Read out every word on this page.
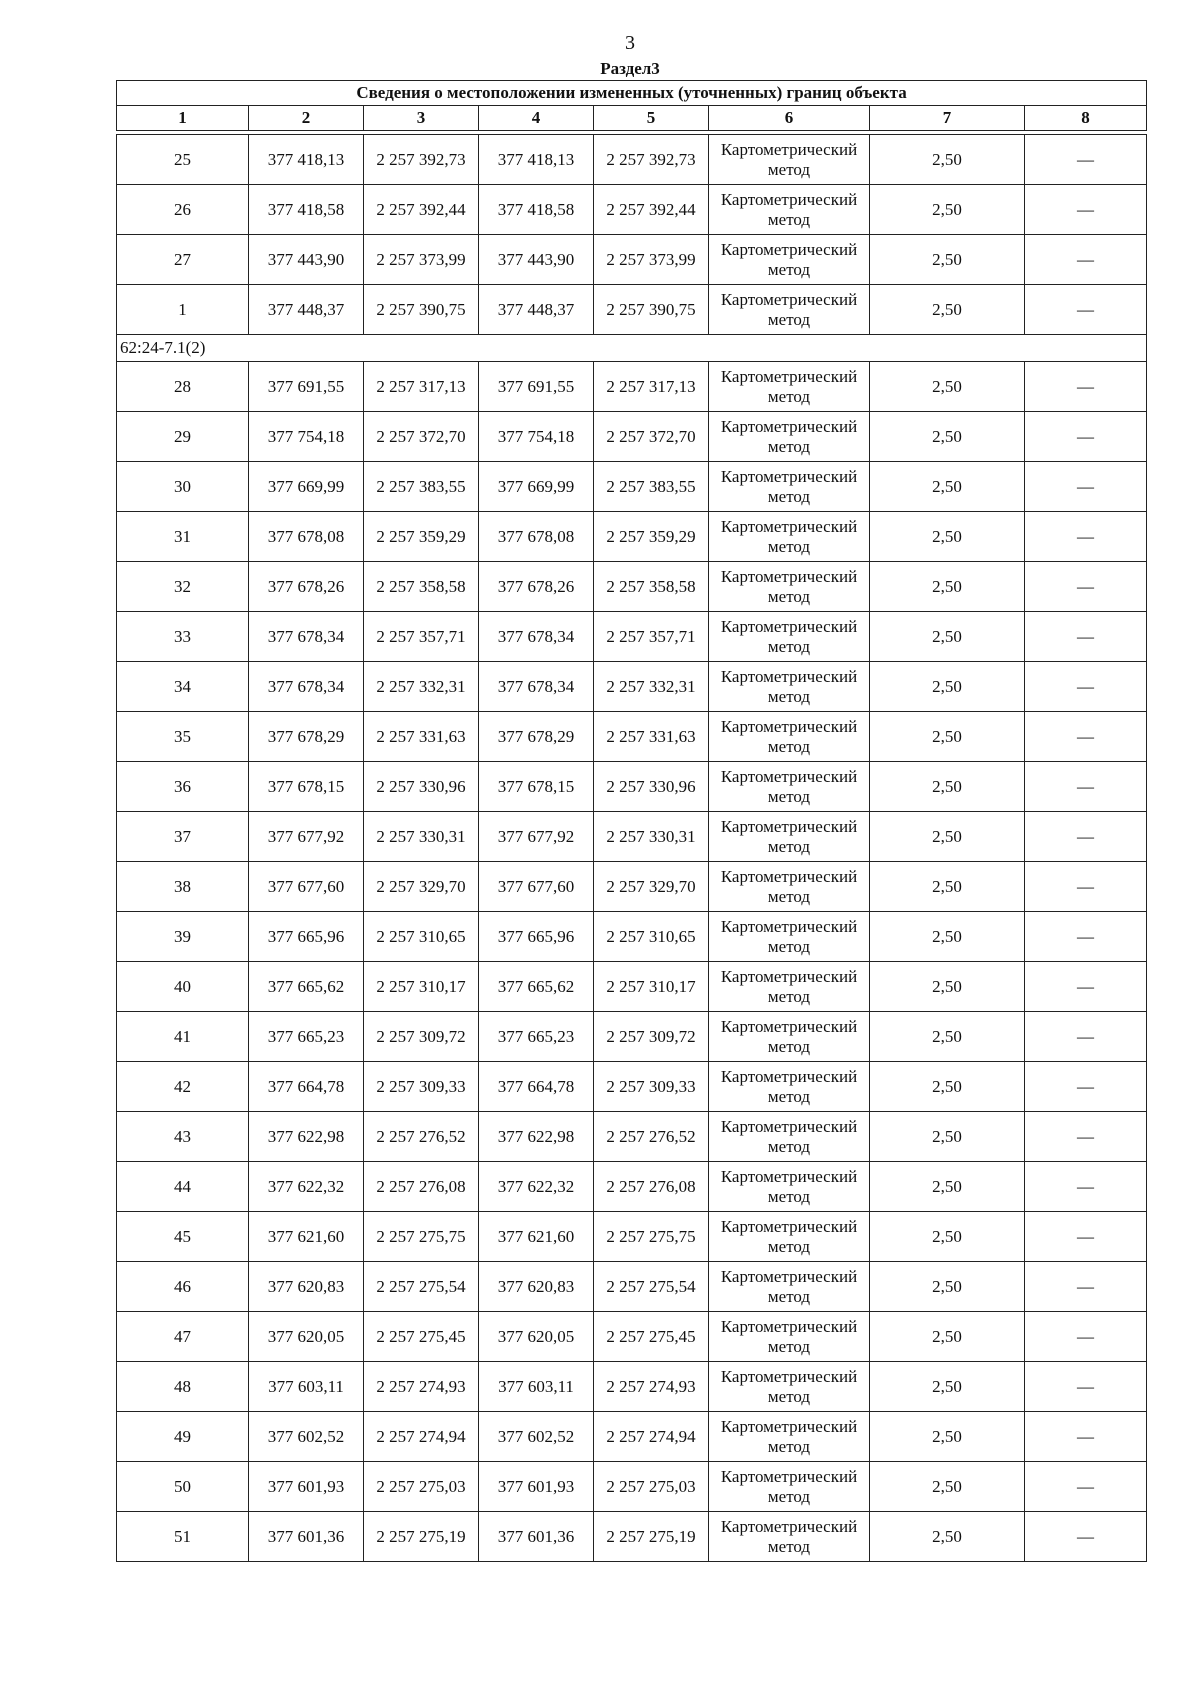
3
Раздел3
Сведения о местоположении измененных (уточненных) границ объекта							
1	2	3	4	5	6	7	8

25	377 418,13	2 257 392,73	377 418,13	2 257 392,73	Картометрический метод	2,50	—
26	377 418,58	2 257 392,44	377 418,58	2 257 392,44	Картометрический метод	2,50	—
27	377 443,90	2 257 373,99	377 443,90	2 257 373,99	Картометрический метод	2,50	—
1	377 448,37	2 257 390,75	377 448,37	2 257 390,75	Картометрический метод	2,50	—
62:24-7.1(2)							
28	377 691,55	2 257 317,13	377 691,55	2 257 317,13	Картометрический метод	2,50	—
29	377 754,18	2 257 372,70	377 754,18	2 257 372,70	Картометрический метод	2,50	—
30	377 669,99	2 257 383,55	377 669,99	2 257 383,55	Картометрический метод	2,50	—
31	377 678,08	2 257 359,29	377 678,08	2 257 359,29	Картометрический метод	2,50	—
32	377 678,26	2 257 358,58	377 678,26	2 257 358,58	Картометрический метод	2,50	—
33	377 678,34	2 257 357,71	377 678,34	2 257 357,71	Картометрический метод	2,50	—
34	377 678,34	2 257 332,31	377 678,34	2 257 332,31	Картометрический метод	2,50	—
35	377 678,29	2 257 331,63	377 678,29	2 257 331,63	Картометрический метод	2,50	—
36	377 678,15	2 257 330,96	377 678,15	2 257 330,96	Картометрический метод	2,50	—
37	377 677,92	2 257 330,31	377 677,92	2 257 330,31	Картометрический метод	2,50	—
38	377 677,60	2 257 329,70	377 677,60	2 257 329,70	Картометрический метод	2,50	—
39	377 665,96	2 257 310,65	377 665,96	2 257 310,65	Картометрический метод	2,50	—
40	377 665,62	2 257 310,17	377 665,62	2 257 310,17	Картометрический метод	2,50	—
41	377 665,23	2 257 309,72	377 665,23	2 257 309,72	Картометрический метод	2,50	—
42	377 664,78	2 257 309,33	377 664,78	2 257 309,33	Картометрический метод	2,50	—
43	377 622,98	2 257 276,52	377 622,98	2 257 276,52	Картометрический метод	2,50	—
44	377 622,32	2 257 276,08	377 622,32	2 257 276,08	Картометрический метод	2,50	—
45	377 621,60	2 257 275,75	377 621,60	2 257 275,75	Картометрический метод	2,50	—
46	377 620,83	2 257 275,54	377 620,83	2 257 275,54	Картометрический метод	2,50	—
47	377 620,05	2 257 275,45	377 620,05	2 257 275,45	Картометрический метод	2,50	—
48	377 603,11	2 257 274,93	377 603,11	2 257 274,93	Картометрический метод	2,50	—
49	377 602,52	2 257 274,94	377 602,52	2 257 274,94	Картометрический метод	2,50	—
50	377 601,93	2 257 275,03	377 601,93	2 257 275,03	Картометрический метод	2,50	—
51	377 601,36	2 257 275,19	377 601,36	2 257 275,19	Картометрический метод	2,50	—
